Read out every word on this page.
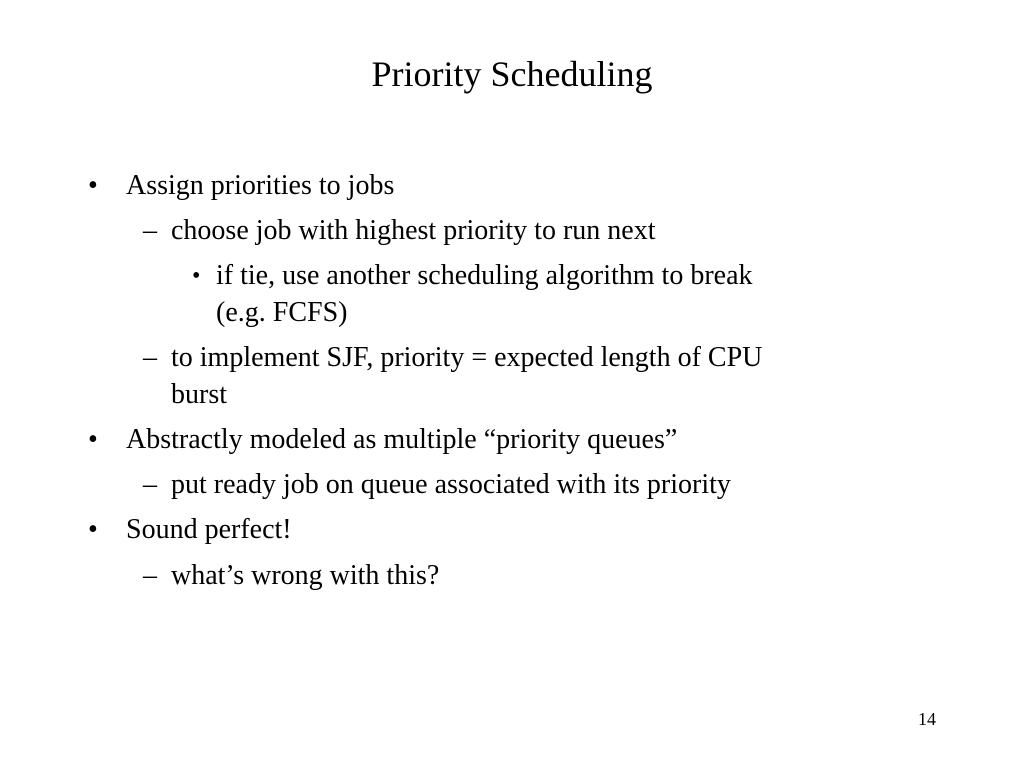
Priority Scheduling
• Assign priorities to jobs
– choose job with highest priority to run next
• if tie, use another scheduling algorithm to break
(e.g. FCFS)
– to implement SJF, priority = expected length of CPU
burst
• Abstractly modeled as multiple “priority queues”
– put ready job on queue associated with its priority
• Sound perfect!
– what’s wrong with this?
14
